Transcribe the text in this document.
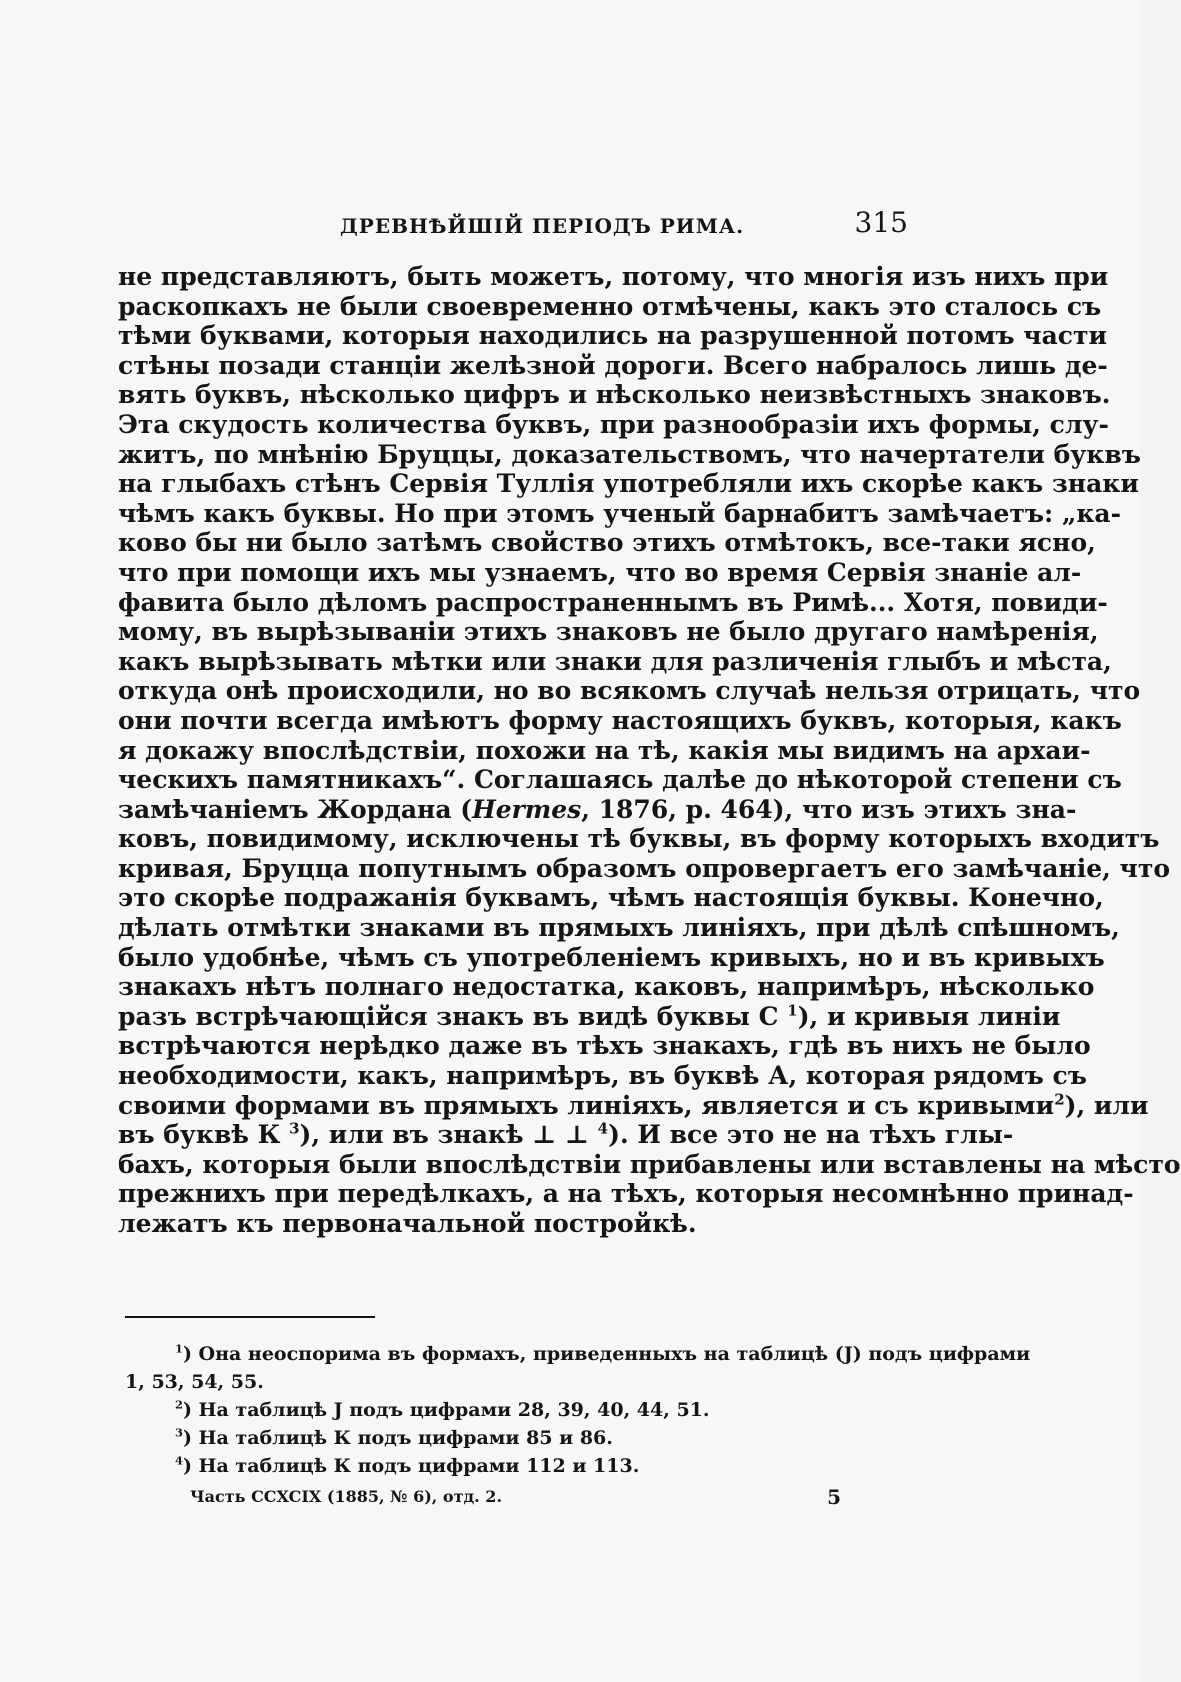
ДРЕВНѢЙШІЙ ПЕРІОДЪ РИМА.	315
не представляютъ, быть можетъ, потому, что многія изъ нихъ при
раскопкахъ не были своевременно отмѣчены, какъ это сталось съ
тѣми буквами, которыя находились на разрушенной потомъ части
стѣны позади станціи желѣзной дороги. Всего набралось лишь де-
вять буквъ, нѣсколько цифръ и нѣсколько неизвѣстныхъ знаковъ.
Эта скудость количества буквъ, при разнообразіи ихъ формы, слу-
житъ, по мнѣнію Бруццы, доказательствомъ, что начертатели буквъ
на глыбахъ стѣнъ Сервія Туллія употребляли ихъ скорѣе какъ знаки
чѣмъ какъ буквы. Но при этомъ ученый барнабитъ замѣчаетъ: „ка-
ково бы ни было затѣмъ свойство этихъ отмѣтокъ, все-таки ясно,
что при помощи ихъ мы узнаемъ, что во время Сервія знаніе ал-
фавита было дѣломъ распространеннымъ въ Римѣ... Хотя, повиди-
мому, въ вырѣзываніи этихъ знаковъ не было другаго намѣренія,
какъ вырѣзывать мѣтки или знаки для различенія глыбъ и мѣста,
откуда онѣ происходили, но во всякомъ случаѣ нельзя отрицать, что
они почти всегда имѣютъ форму настоящихъ буквъ, которыя, какъ
я докажу впослѣдствіи, похожи на тѣ, какія мы видимъ на архаи-
ческихъ памятникахъ“. Соглашаясь далѣе до нѣкоторой степени съ
замѣчаніемъ Жордана (Hermes, 1876, p. 464), что изъ этихъ зна-
ковъ, повидимому, исключены тѣ буквы, въ форму которыхъ входитъ
кривая, Бруцца попутнымъ образомъ опровергаетъ его замѣчаніе, что
это скорѣе подражанія буквамъ, чѣмъ настоящія буквы. Конечно,
дѣлать отмѣтки знаками въ прямыхъ линіяхъ, при дѣлѣ спѣшномъ,
было удобнѣе, чѣмъ съ употребленіемъ кривыхъ, но и въ кривыхъ
знакахъ нѣтъ полнаго недостатка, каковъ, напримѣръ, нѣсколько
разъ встрѣчающійся знакъ въ видѣ буквы C $^1$), и кривыя линіи
встрѣчаются нерѣдко даже въ тѣхъ знакахъ, гдѣ въ нихъ не было
необходимости, какъ, напримѣръ, въ буквѣ А, которая рядомъ съ
своими формами въ прямыхъ линіяхъ, является и съ кривыми$^2$), или
въ буквѣ К $^3$), или въ знакѣ ⊥ ⊥ $^4$). И все это не на тѣхъ глы-
бахъ, которыя были впослѣдствіи прибавлены или вставлены на мѣсто
прежнихъ при передѣлкахъ, а на тѣхъ, которыя несомнѣнно принад-
лежатъ къ первоначальной постройкѣ.
$^1$) Она неоспорима въ формахъ, приведенныхъ на таблицѣ (J) подъ цифрами
1, 53, 54, 55.
$^2$) На таблицѣ J подъ цифрами 28, 39, 40, 44, 51.
$^3$) На таблицѣ К подъ цифрами 85 и 86.
$^4$) На таблицѣ К подъ цифрами 112 и 113.
Часть CCXCIX (1885, № 6), отд. 2.	5
